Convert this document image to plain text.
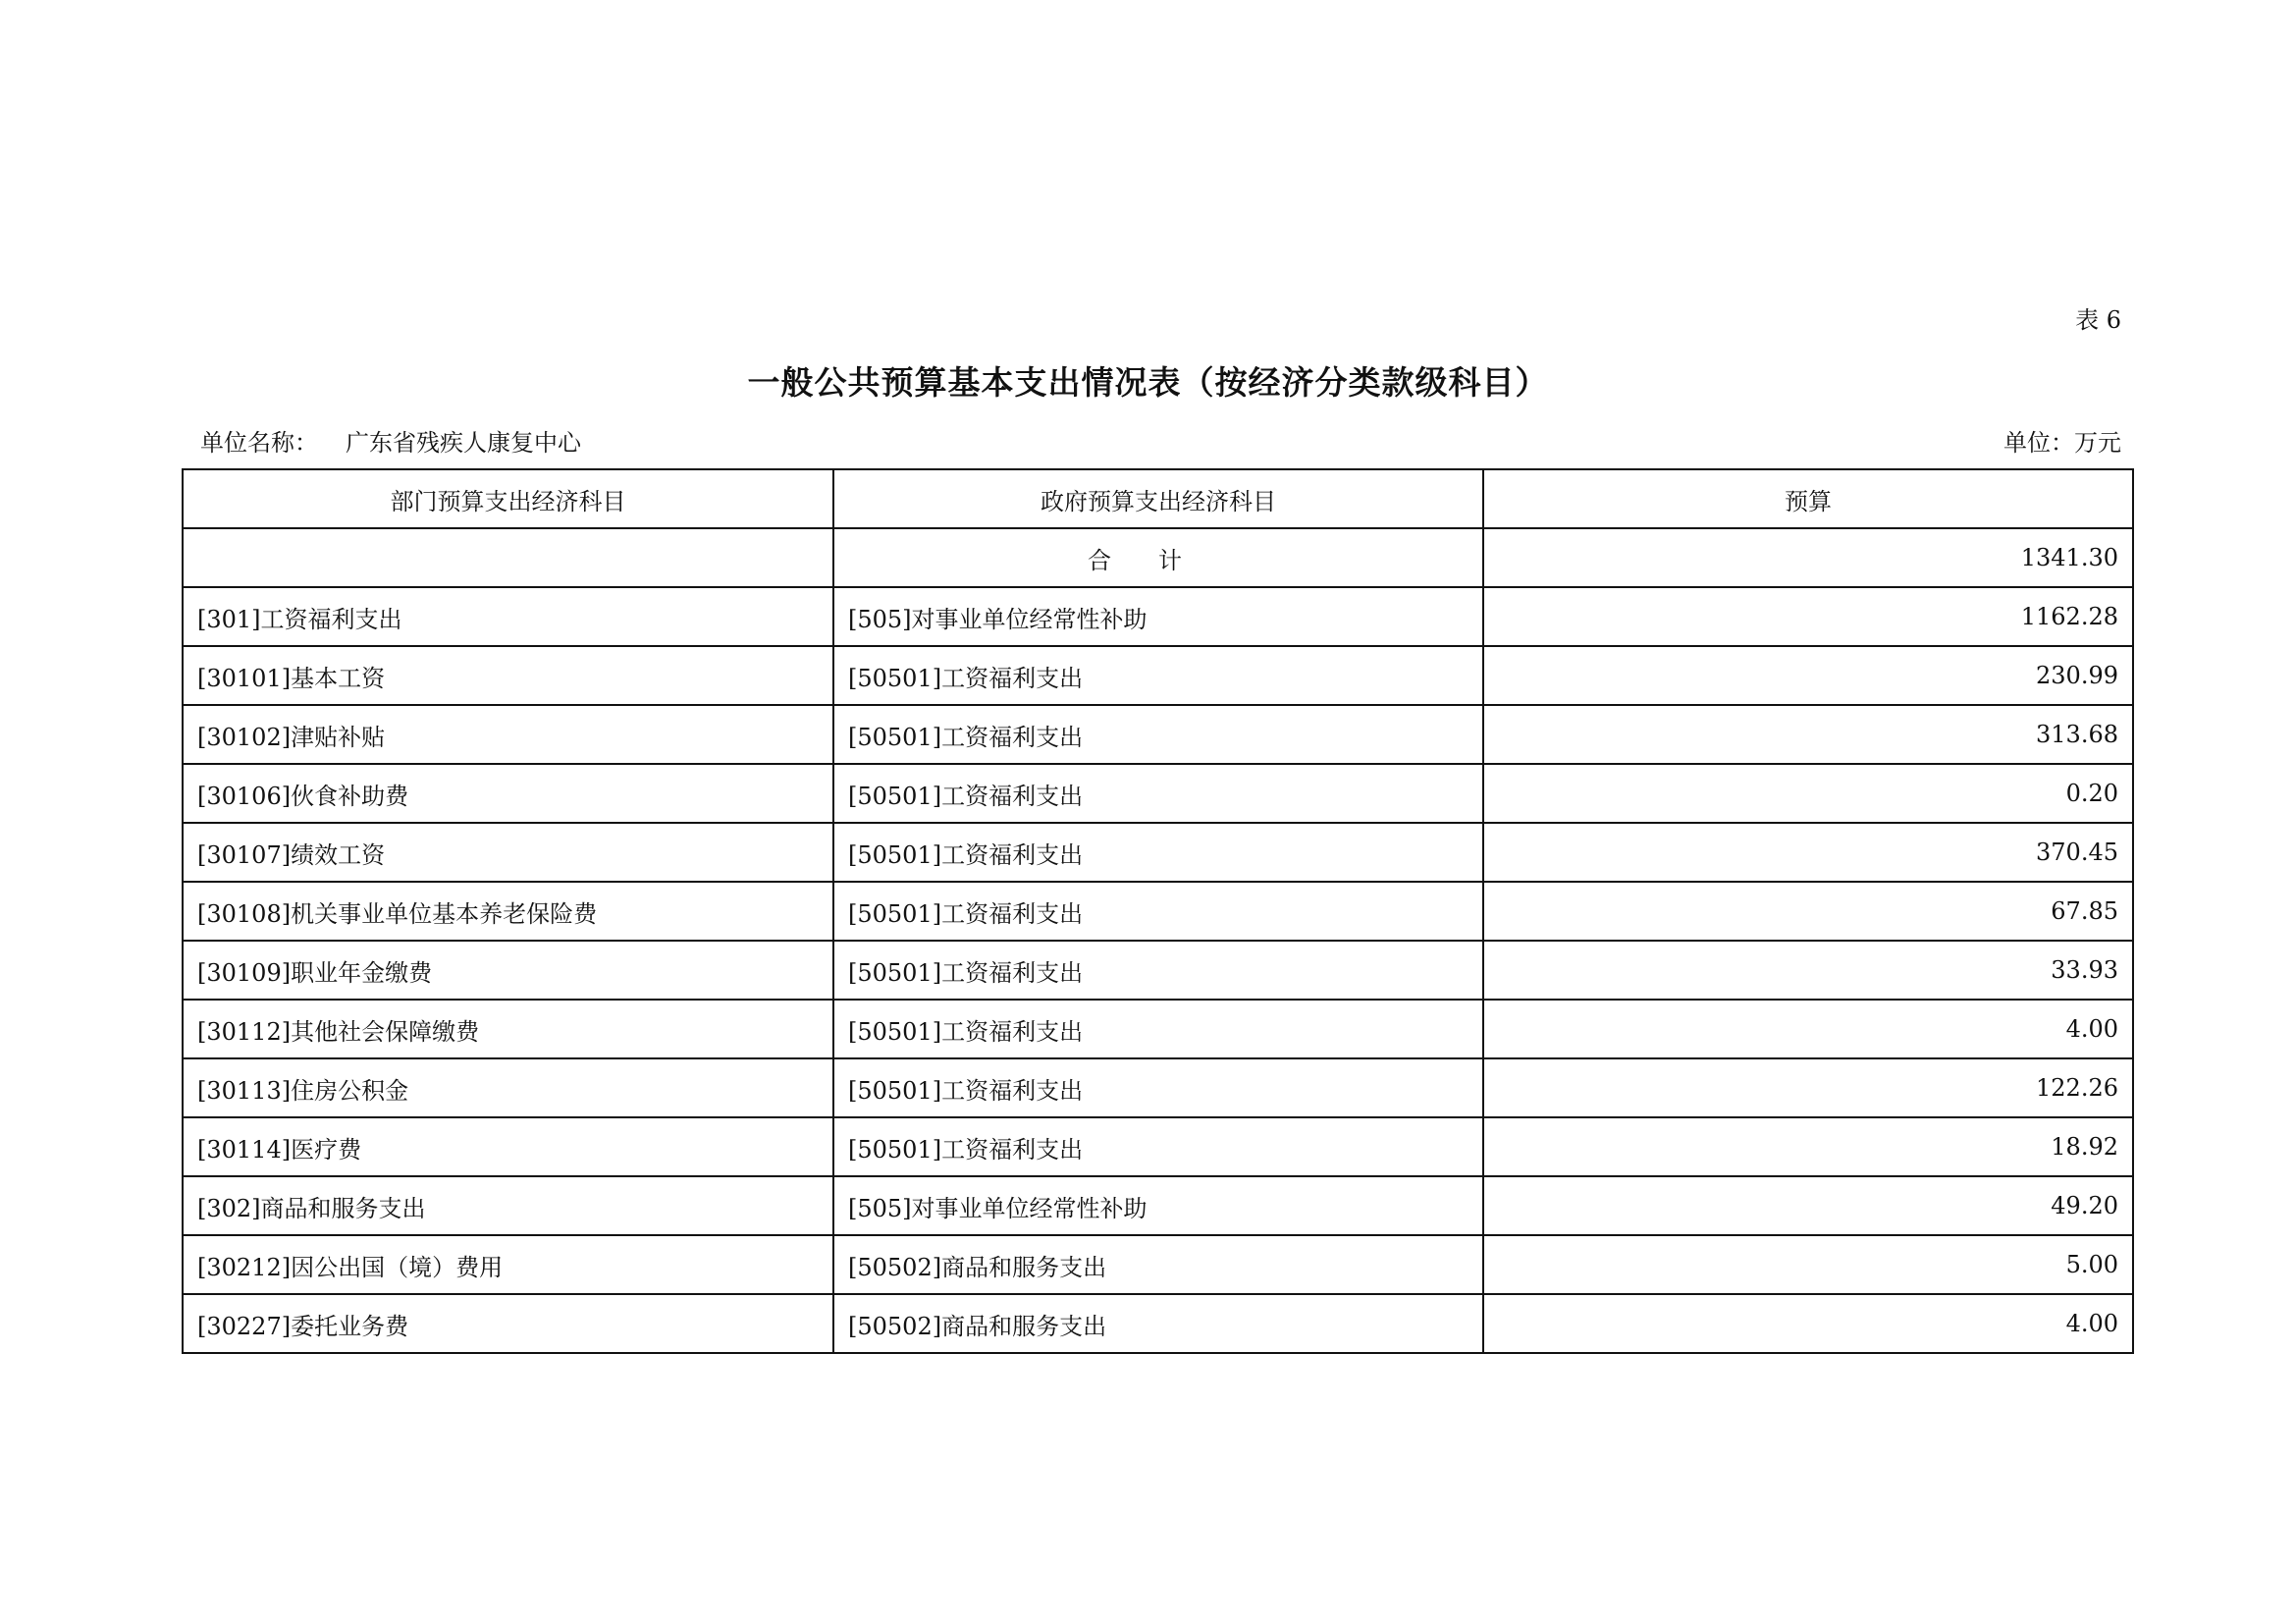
表 6
一般公共预算基本支出情况表（按经济分类款级科目）
单位名称： 广东省残疾人康复中心	单位：万元
部门预算支出经济科目	政府预算支出经济科目	预算
	合计	1341.30
[301]工资福利支出	[505]对事业单位经常性补助	1162.28
[30101]基本工资	[50501]工资福利支出	230.99
[30102]津贴补贴	[50501]工资福利支出	313.68
[30106]伙食补助费	[50501]工资福利支出	0.20
[30107]绩效工资	[50501]工资福利支出	370.45
[30108]机关事业单位基本养老保险费	[50501]工资福利支出	67.85
[30109]职业年金缴费	[50501]工资福利支出	33.93
[30112]其他社会保障缴费	[50501]工资福利支出	4.00
[30113]住房公积金	[50501]工资福利支出	122.26
[30114]医疗费	[50501]工资福利支出	18.92
[302]商品和服务支出	[505]对事业单位经常性补助	49.20
[30212]因公出国（境）费用	[50502]商品和服务支出	5.00
[30227]委托业务费	[50502]商品和服务支出	4.00
